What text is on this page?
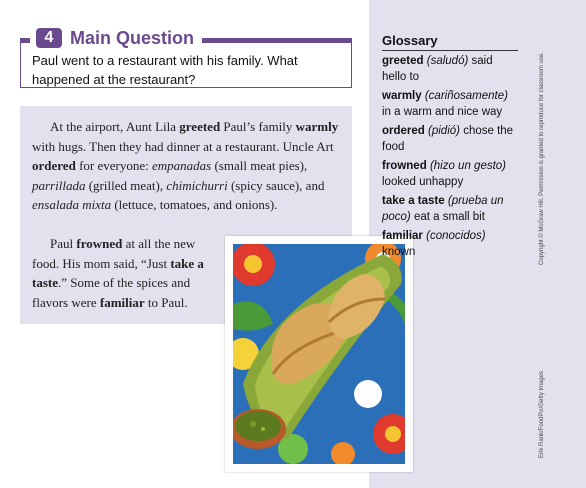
4 Main Question
Paul went to a restaurant with his family. What happened at the restaurant?

At the airport, Aunt Lila greeted Paul’s family warmly with hugs. Then they had dinner at a restaurant. Uncle Art ordered for everyone: empanadas (small meat pies), parrillada (grilled meat), chimichurri (spicy sauce), and ensalada mixta (lettuce, tomatoes, and onions).

Paul frowned at all the new food. His mom said, “Just take a taste.” Some of the spices and flavors were familiar to Paul.

Glossary
greeted (saludó) said hello to
warmly (cariñosamente) in a warm and nice way
ordered (pidió) chose the food
frowned (hizo un gesto) looked unhappy
take a taste (prueba un poco) eat a small bit
familiar (conocidos) known	Copyright © McGraw Hill. Permission is granted to reproduce for classroom use.
Erik Rank/FoodPix/Getty Images
